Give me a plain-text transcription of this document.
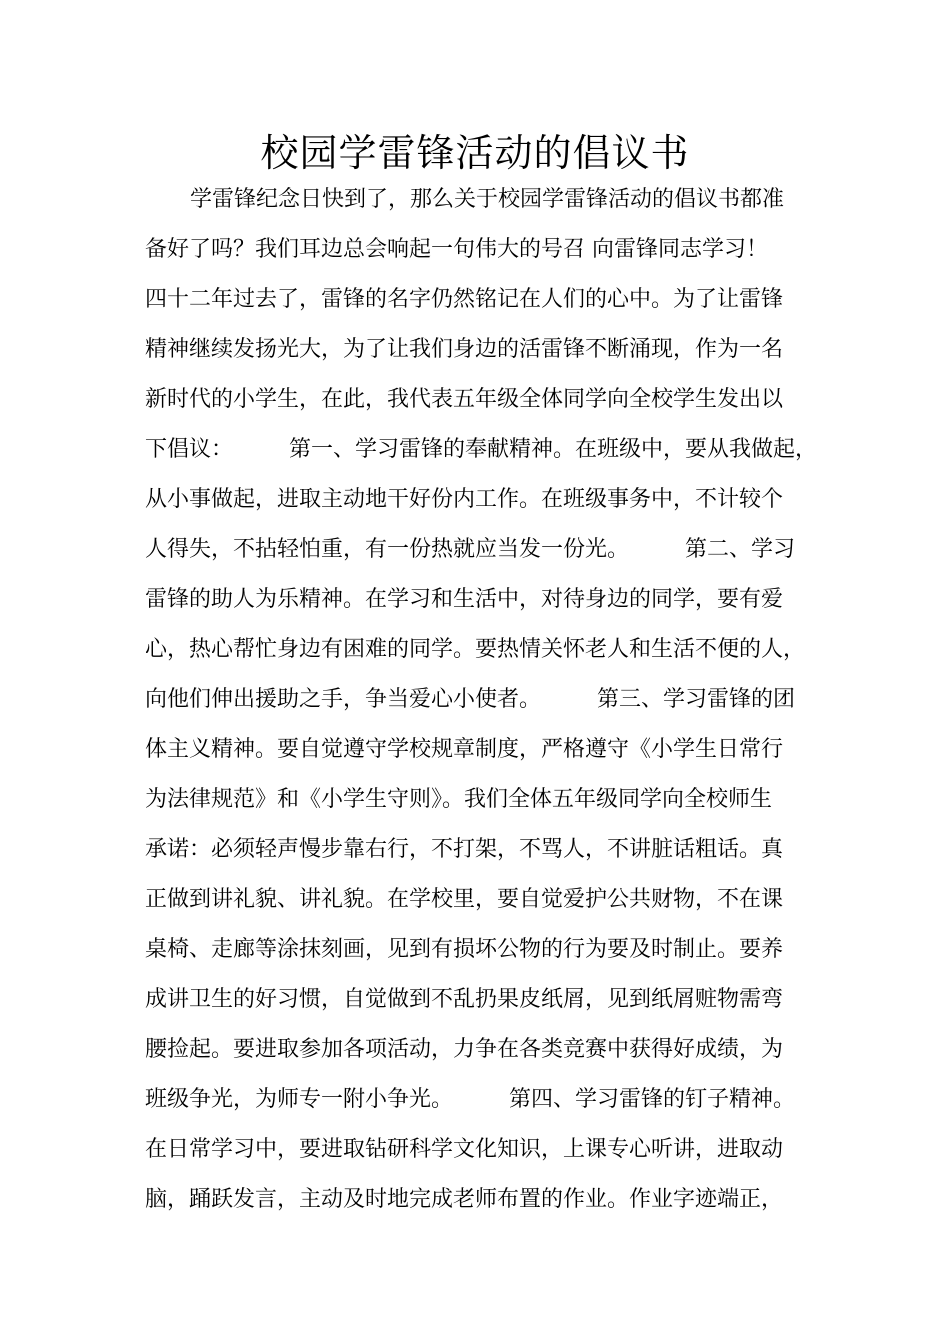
校园学雷锋活动的倡议书
学雷锋纪念日快到了，那么关于校园学雷锋活动的倡议书都准
备好了吗？我们耳边总会响起一句伟大的号召 向雷锋同志学习！
四十二年过去了，雷锋的名字仍然铭记在人们的心中。为了让雷锋
精神继续发扬光大，为了让我们身边的活雷锋不断涌现，作为一名
新时代的小学生，在此，我代表五年级全体同学向全校学生发出以
下倡议：        第一、学习雷锋的奉献精神。在班级中，要从我做起，
从小事做起，进取主动地干好份内工作。在班级事务中，不计较个
人得失，不拈轻怕重，有一份热就应当发一份光。        第二、学习
雷锋的助人为乐精神。在学习和生活中，对待身边的同学，要有爱
心，热心帮忙身边有困难的同学。要热情关怀老人和生活不便的人，
向他们伸出援助之手，争当爱心小使者。        第三、学习雷锋的团
体主义精神。要自觉遵守学校规章制度，严格遵守《小学生日常行
为法律规范》和《小学生守则》。我们全体五年级同学向全校师生
承诺：必须轻声慢步靠右行，不打架，不骂人，不讲脏话粗话。真
正做到讲礼貌、讲礼貌。在学校里，要自觉爱护公共财物，不在课
桌椅、走廊等涂抹刻画，见到有损坏公物的行为要及时制止。要养
成讲卫生的好习惯，自觉做到不乱扔果皮纸屑，见到纸屑赃物需弯
腰捡起。要进取参加各项活动，力争在各类竞赛中获得好成绩，为
班级争光，为师专一附小争光。        第四、学习雷锋的钉子精神。
在日常学习中，要进取钻研科学文化知识，上课专心听讲，进取动
脑，踊跃发言，主动及时地完成老师布置的作业。作业字迹端正，
